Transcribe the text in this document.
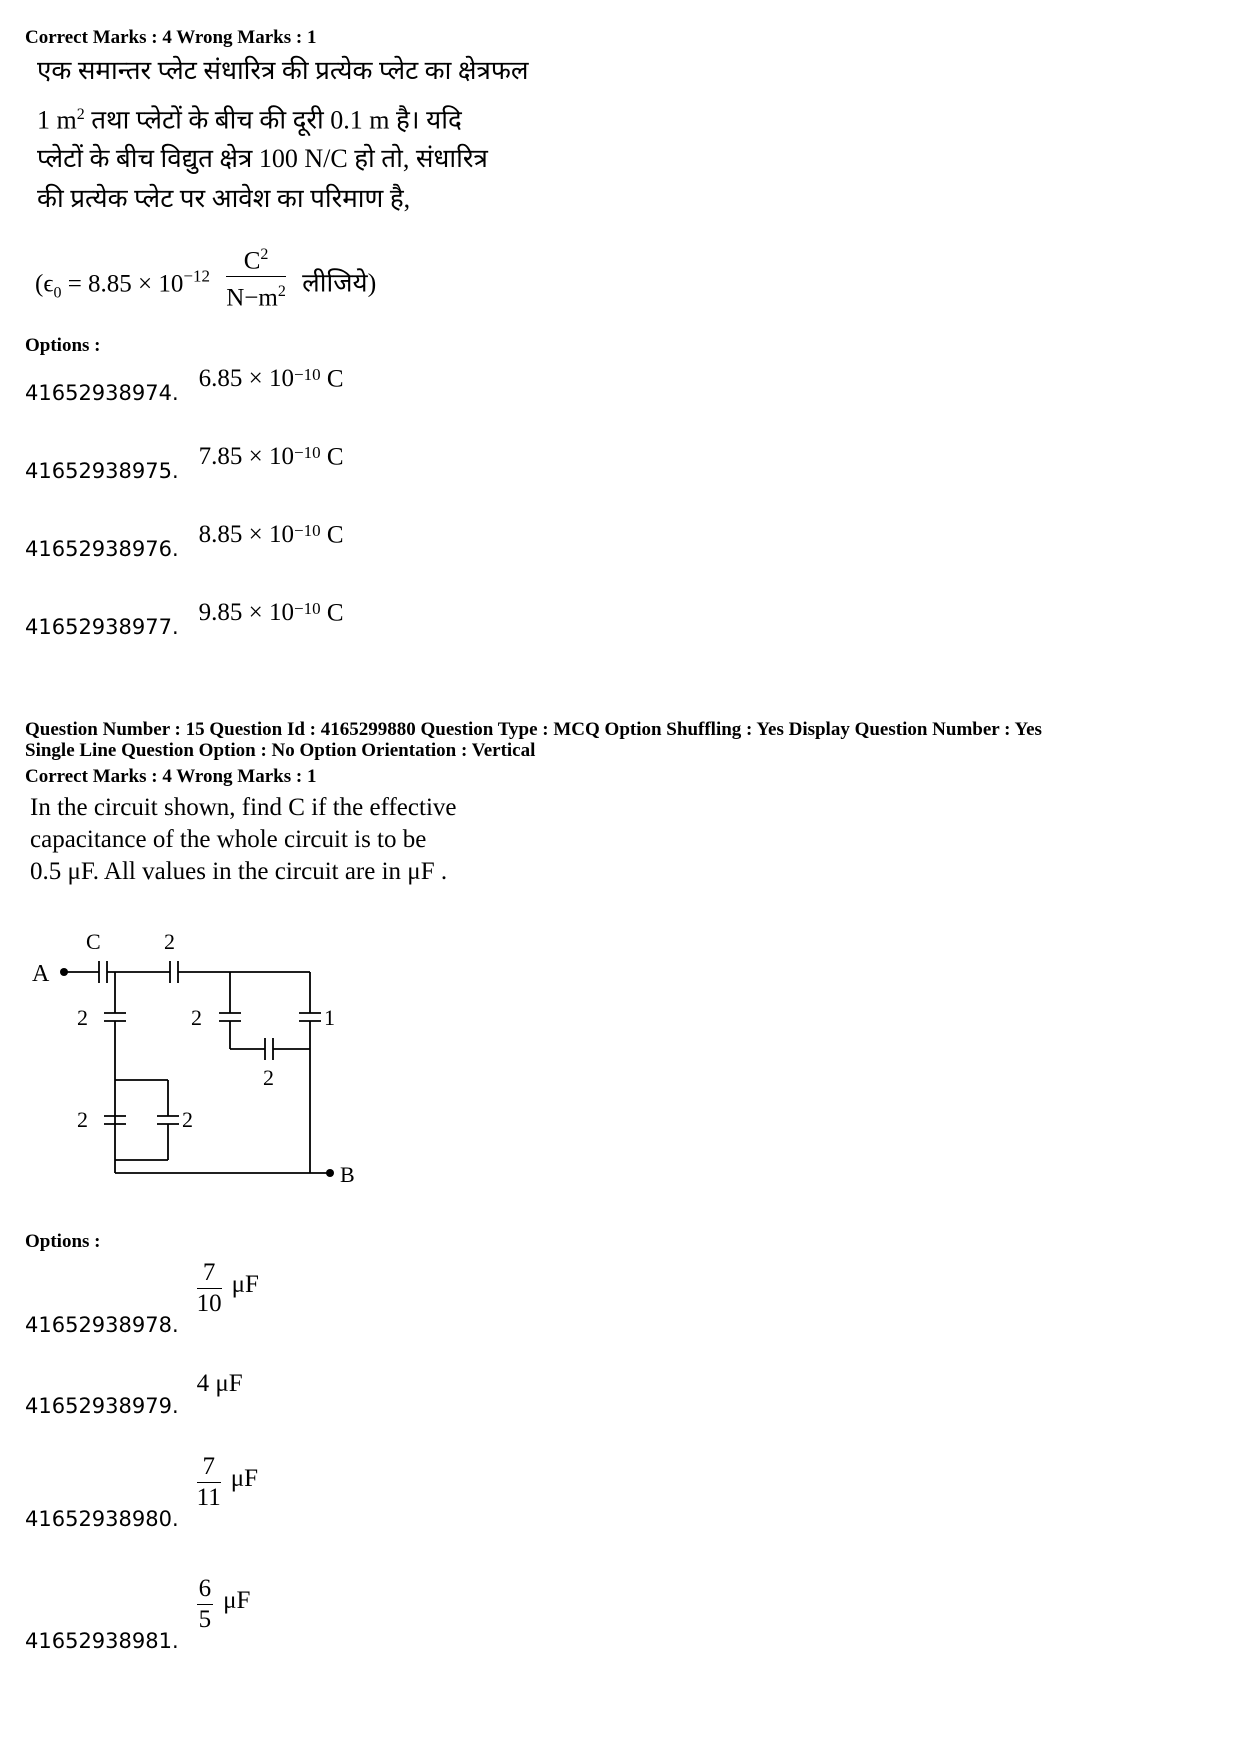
Correct Marks : 4 Wrong Marks : 1
एक समान्तर प्लेट संधारित्र की प्रत्येक प्लेट का क्षेत्रफल
1 $m^2$ तथा प्लेटों के बीच की दूरी 0.1 m है। यदि
प्लेटों के बीच विद्युत क्षेत्र 100 N/C हो तो, संधारित्र
की प्रत्येक प्लेट पर आवेश का परिमाण है,
($\epsilon_0 = 8.85 \times 10^{-12} \frac{C^2}{N-m^2}$ लीजिये)
Options :
41652938974. $6.85 \times 10^{-10}$ C
41652938975. $7.85 \times 10^{-10}$ C
41652938976. $8.85 \times 10^{-10}$ C
41652938977. $9.85 \times 10^{-10}$ C
Question Number : 15 Question Id : 4165299880 Question Type : MCQ Option Shuffling : Yes Display Question Number : Yes
Single Line Question Option : No Option Orientation : Vertical
Correct Marks : 4 Wrong Marks : 1
In the circuit shown, find C if the effective
capacitance of the whole circuit is to be
0.5 μF. All values in the circuit are in μF .
A
C	2
2	2	1
2
2	2
B
Options :
41652938978.
$\frac{7}{10}$ μF
41652938979. 4 μF
41652938980.
$\frac{7}{11}$ μF
41652938981.
$\frac{6}{5}$ μF
